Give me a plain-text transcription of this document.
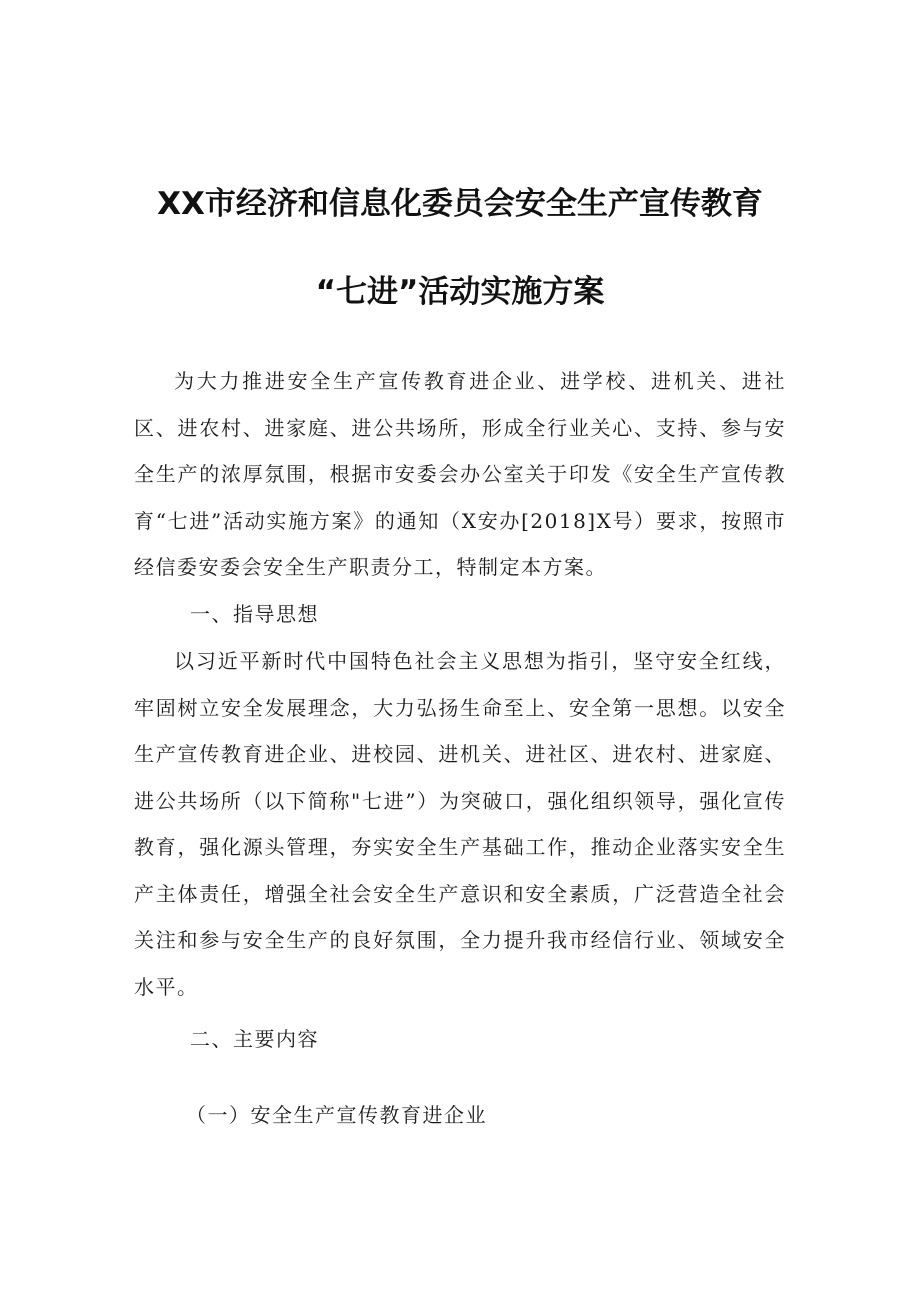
XX市经济和信息化委员会安全生产宣传教育
“七进”活动实施方案

为大力推进安全生产宣传教育进企业、进学校、进机关、进社区、进农村、进家庭、进公共场所，形成全行业关心、支持、参与安全生产的浓厚氛围，根据市安委会办公室关于印发《安全生产宣传教育“七进”活动实施方案》的通知（X安办[2018]X号）要求，按照市经信委安委会安全生产职责分工，特制定本方案。

一、指导思想

以习近平新时代中国特色社会主义思想为指引，坚守安全红线，牢固树立安全发展理念，大力弘扬生命至上、安全第一思想。以安全生产宣传教育进企业、进校园、进机关、进社区、进农村、进家庭、进公共场所（以下简称"七进”）为突破口，强化组织领导，强化宣传教育，强化源头管理，夯实安全生产基础工作，推动企业落实安全生产主体责任，增强全社会安全生产意识和安全素质，广泛营造全社会关注和参与安全生产的良好氛围，全力提升我市经信行业、领域安全水平。

二、主要内容

（一）安全生产宣传教育进企业
